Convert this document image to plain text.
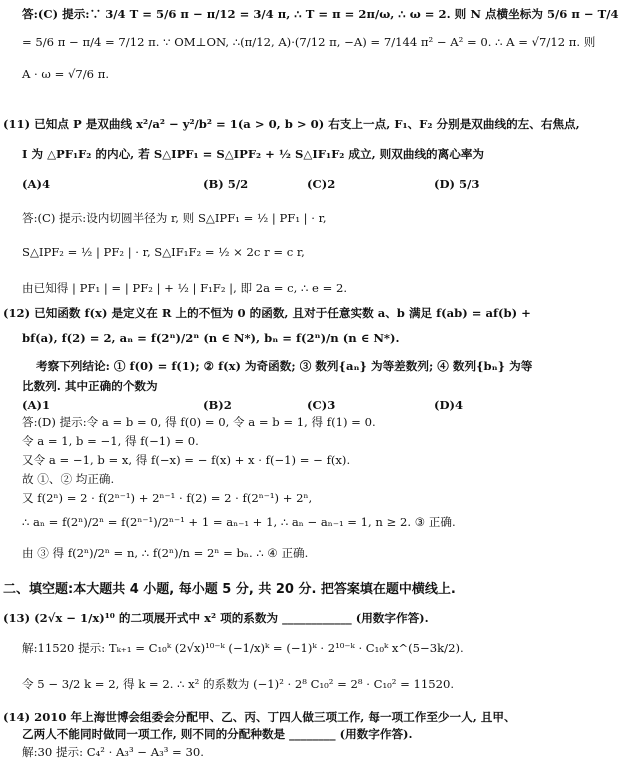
答:(C) 提示:∵ 3/4 T = 5/6 π − π/12 = 3/4 π, ∴ T = π = 2π/ω, ∴ ω = 2. 则 N 点横坐标为 5/6 π − T/4
= 5/6 π − π/4 = 7/12 π. ∵ OM⊥ON, ∴(π/12, A)·(7/12 π, −A) = 7/144 π² − A² = 0. ∴ A = √7/12 π. 则
A · ω = √7/6 π.
(11) 已知点 P 是双曲线 x²/a² − y²/b² = 1(a > 0, b > 0) 右支上一点, F₁、F₂ 分别是双曲线的左、右焦点,
I 为 △PF₁F₂ 的内心, 若 S△IPF₁ = S△IPF₂ + ½ S△IF₁F₂ 成立, 则双曲线的离心率为
(A)4	(B) 5/2	(C)2	(D) 5/3
答:(C) 提示:设内切圆半径为 r, 则 S△IPF₁ = ½ | PF₁ | · r,
S△IPF₂ = ½ | PF₂ | · r, S△IF₁F₂ = ½ × 2c r = c r,
由已知得 | PF₁ | = | PF₂ | + ½ | F₁F₂ |, 即 2a = c, ∴ e = 2.
(12) 已知函数 f(x) 是定义在 R 上的不恒为 0 的函数, 且对于任意实数 a、b 满足 f(ab) = af(b) +
bf(a), f(2) = 2, aₙ = f(2ⁿ)/2ⁿ (n ∈ N*), bₙ = f(2ⁿ)/n (n ∈ N*).
考察下列结论: ① f(0) = f(1); ② f(x) 为奇函数; ③ 数列{aₙ} 为等差数列; ④ 数列{bₙ} 为等
比数列. 其中正确的个数为
(A)1	(B)2	(C)3	(D)4
答:(D) 提示:令 a = b = 0, 得 f(0) = 0, 令 a = b = 1, 得 f(1) = 0.
令 a = 1, b = −1, 得 f(−1) = 0.
又令 a = −1, b = x, 得 f(−x) = − f(x) + x · f(−1) = − f(x).
故 ①、② 均正确.
又 f(2ⁿ) = 2 · f(2ⁿ⁻¹) + 2ⁿ⁻¹ · f(2) = 2 · f(2ⁿ⁻¹) + 2ⁿ,
∴ aₙ = f(2ⁿ)/2ⁿ = f(2ⁿ⁻¹)/2ⁿ⁻¹ + 1 = aₙ₋₁ + 1, ∴ aₙ − aₙ₋₁ = 1, n ≥ 2. ③ 正确.
由 ③ 得 f(2ⁿ)/2ⁿ = n, ∴ f(2ⁿ)/n = 2ⁿ = bₙ. ∴ ④ 正确.
二、填空题:本大题共 4 小题, 每小题 5 分, 共 20 分. 把答案填在题中横线上.
(13) (2√x − 1/x)¹⁰ 的二项展开式中 x² 项的系数为 ____________ (用数字作答).
解:11520 提示: Tₖ₊₁ = C₁₀ᵏ (2√x)¹⁰⁻ᵏ (−1/x)ᵏ = (−1)ᵏ · 2¹⁰⁻ᵏ · C₁₀ᵏ x^(5−3k/2).
令 5 − 3/2 k = 2, 得 k = 2. ∴ x² 的系数为 (−1)² · 2⁸ C₁₀² = 2⁸ · C₁₀² = 11520.
(14) 2010 年上海世博会组委会分配甲、乙、丙、丁四人做三项工作, 每一项工作至少一人, 且甲、
乙两人不能同时做同一项工作, 则不同的分配种数是 ________ (用数字作答).
解:30 提示: C₄² · A₃³ − A₃³ = 30.
